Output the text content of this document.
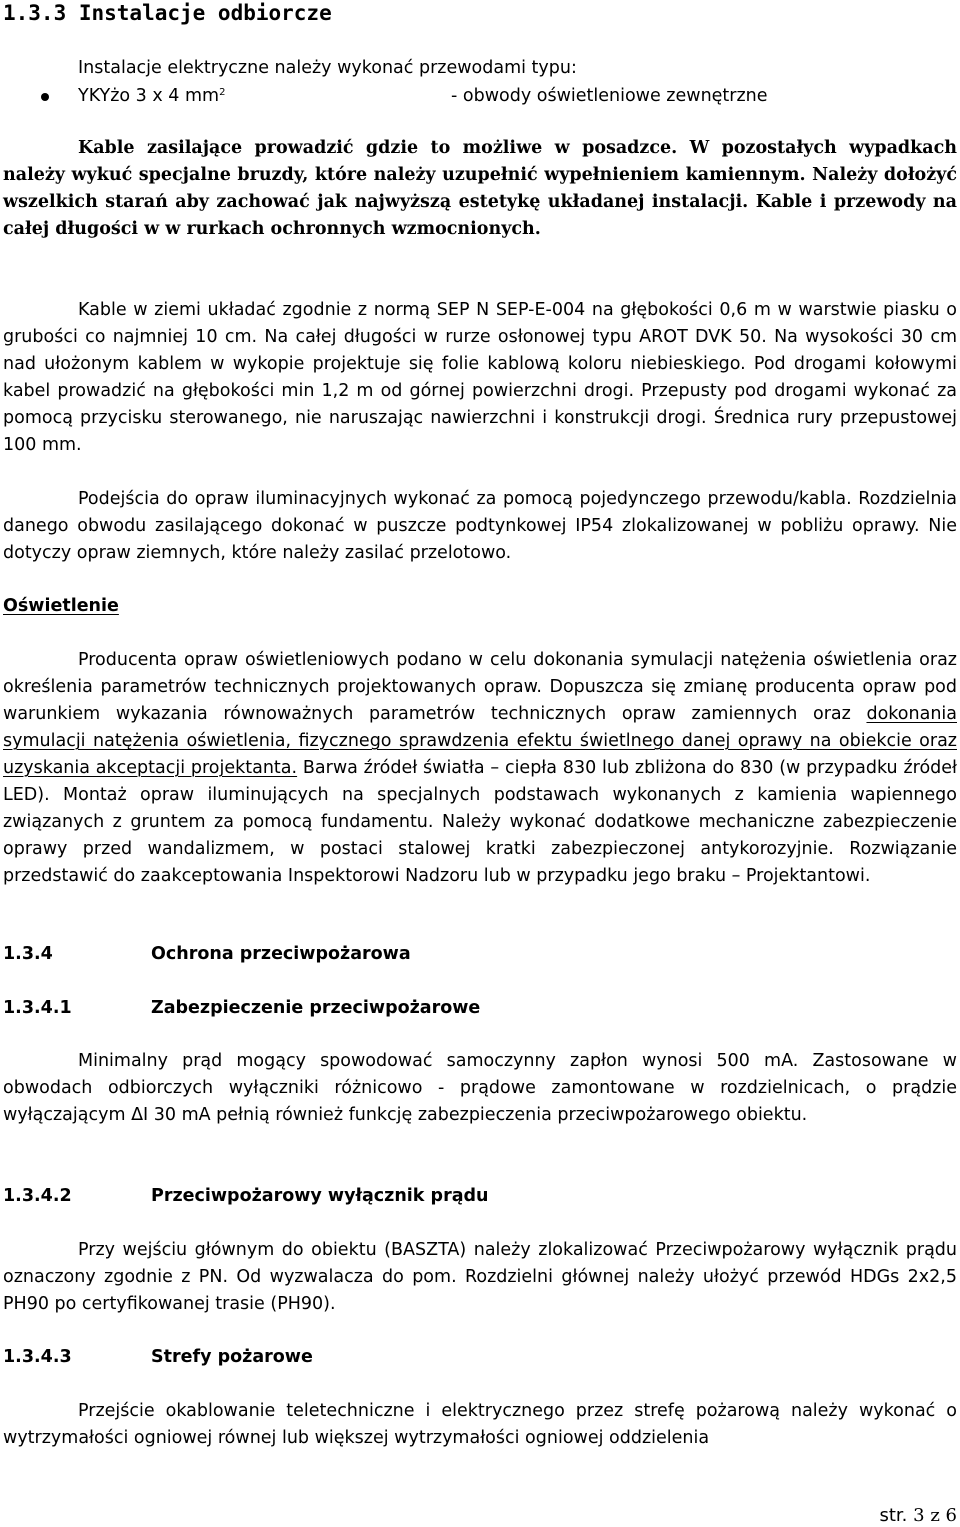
1.3.3 Instalacje odbiorcze
Instalacje elektryczne należy wykonać przewodami typu:
YKYżo 3 x 4 $mm^2$	- obwody oświetleniowe zewnętrzne

Kable zasilające prowadzić gdzie to możliwe w posadzce. W pozostałych wypadkach należy wykuć specjalne bruzdy, które należy uzupełnić wypełnieniem kamiennym. Należy dołożyć wszelkich starań aby zachować jak najwyższą estetykę układanej instalacji. Kable i przewody na całej długości w w rurkach ochronnych wzmocnionych.

Kable w ziemi układać zgodnie z normą SEP N SEP-E-004 na głębokości 0,6 m w warstwie piasku o grubości co najmniej 10 cm. Na całej długości w rurze osłonowej typu AROT DVK 50. Na wysokości 30 cm nad ułożonym kablem w wykopie projektuje się folie kablową koloru niebieskiego. Pod drogami kołowymi kabel prowadzić na głębokości min 1,2 m od górnej powierzchni drogi. Przepusty pod drogami wykonać za pomocą przycisku sterowanego, nie naruszając nawierzchni i konstrukcji drogi. Średnica rury przepustowej 100 mm.

Podejścia do opraw iluminacyjnych wykonać za pomocą pojedynczego przewodu/kabla. Rozdzielnia danego obwodu zasilającego dokonać w puszcze podtynkowej IP54 zlokalizowanej w pobliżu oprawy. Nie dotyczy opraw ziemnych, które należy zasilać przelotowo.

Oświetlenie

Producenta opraw oświetleniowych podano w celu dokonania symulacji natężenia oświetlenia oraz określenia parametrów technicznych projektowanych opraw. Dopuszcza się zmianę producenta opraw pod warunkiem wykazania równoważnych parametrów technicznych opraw zamiennych oraz dokonania symulacji natężenia oświetlenia, fizycznego sprawdzenia efektu świetlnego danej oprawy na obiekcie oraz uzyskania akceptacji projektanta. Barwa źródeł światła – ciepła 830 lub zbliżona do 830 (w przypadku źródeł LED). Montaż opraw iluminujących na specjalnych podstawach wykonanych z kamienia wapiennego związanych z gruntem za pomocą fundamentu. Należy wykonać dodatkowe mechaniczne zabezpieczenie oprawy przed wandalizmem, w postaci stalowej kratki zabezpieczonej antykorozyjnie. Rozwiązanie przedstawić do zaakceptowania Inspektorowi Nadzoru lub w przypadku jego braku – Projektantowi.

1.3.4	Ochrona przeciwpożarowa
1.3.4.1	Zabezpieczenie przeciwpożarowe

Minimalny prąd mogący spowodować samoczynny zapłon wynosi 500 mA. Zastosowane w obwodach odbiorczych wyłączniki różnicowo - prądowe zamontowane w rozdzielnicach, o prądzie wyłączającym ΔI 30 mA pełnią również funkcję zabezpieczenia przeciwpożarowego obiektu.

1.3.4.2	Przeciwpożarowy wyłącznik prądu

Przy wejściu głównym do obiektu (BASZTA) należy zlokalizować Przeciwpożarowy wyłącznik prądu oznaczony zgodnie z PN. Od wyzwalacza do pom. Rozdzielni głównej należy ułożyć przewód HDGs 2x2,5 PH90 po certyfikowanej trasie (PH90).

1.3.4.3	Strefy pożarowe

Przejście okablowanie teletechniczne i elektrycznego przez strefę pożarową należy wykonać o wytrzymałości ogniowej równej lub większej wytrzymałości ogniowej oddzielenia

str. 3 z 6
